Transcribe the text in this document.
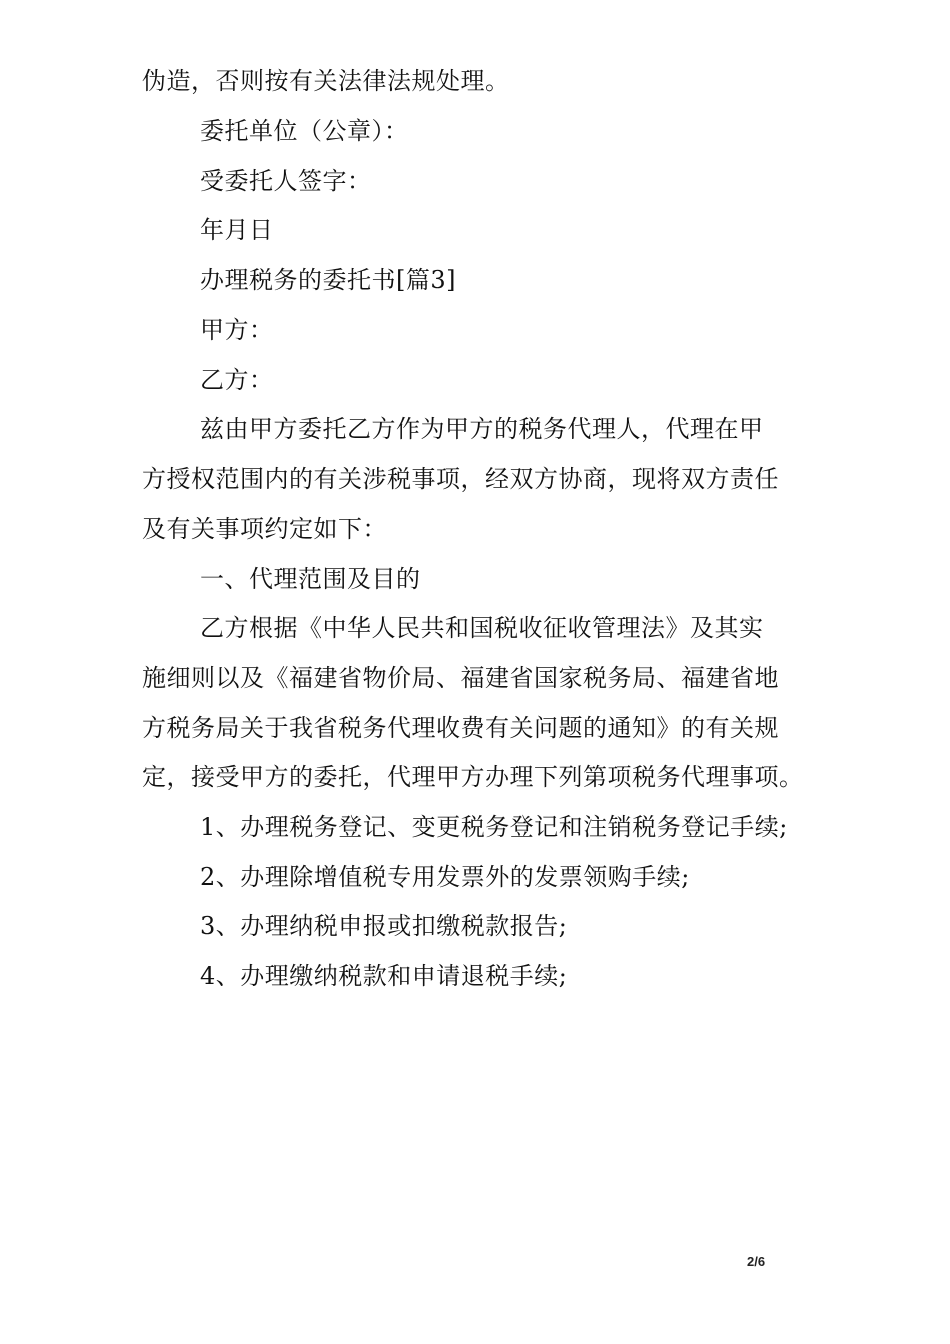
伪造，否则按有关法律法规处理。
委托单位（公章）：
受委托人签字：
年月日
办理税务的委托书[篇3]
甲方：
乙方：
兹由甲方委托乙方作为甲方的税务代理人，代理在甲
方授权范围内的有关涉税事项，经双方协商，现将双方责任
及有关事项约定如下：
一、代理范围及目的
乙方根据《中华人民共和国税收征收管理法》及其实
施细则以及《福建省物价局、福建省国家税务局、福建省地
方税务局关于我省税务代理收费有关问题的通知》的有关规
定，接受甲方的委托，代理甲方办理下列第项税务代理事项。
1、办理税务登记、变更税务登记和注销税务登记手续;
2、办理除增值税专用发票外的发票领购手续;
3、办理纳税申报或扣缴税款报告;
4、办理缴纳税款和申请退税手续;
2/6
